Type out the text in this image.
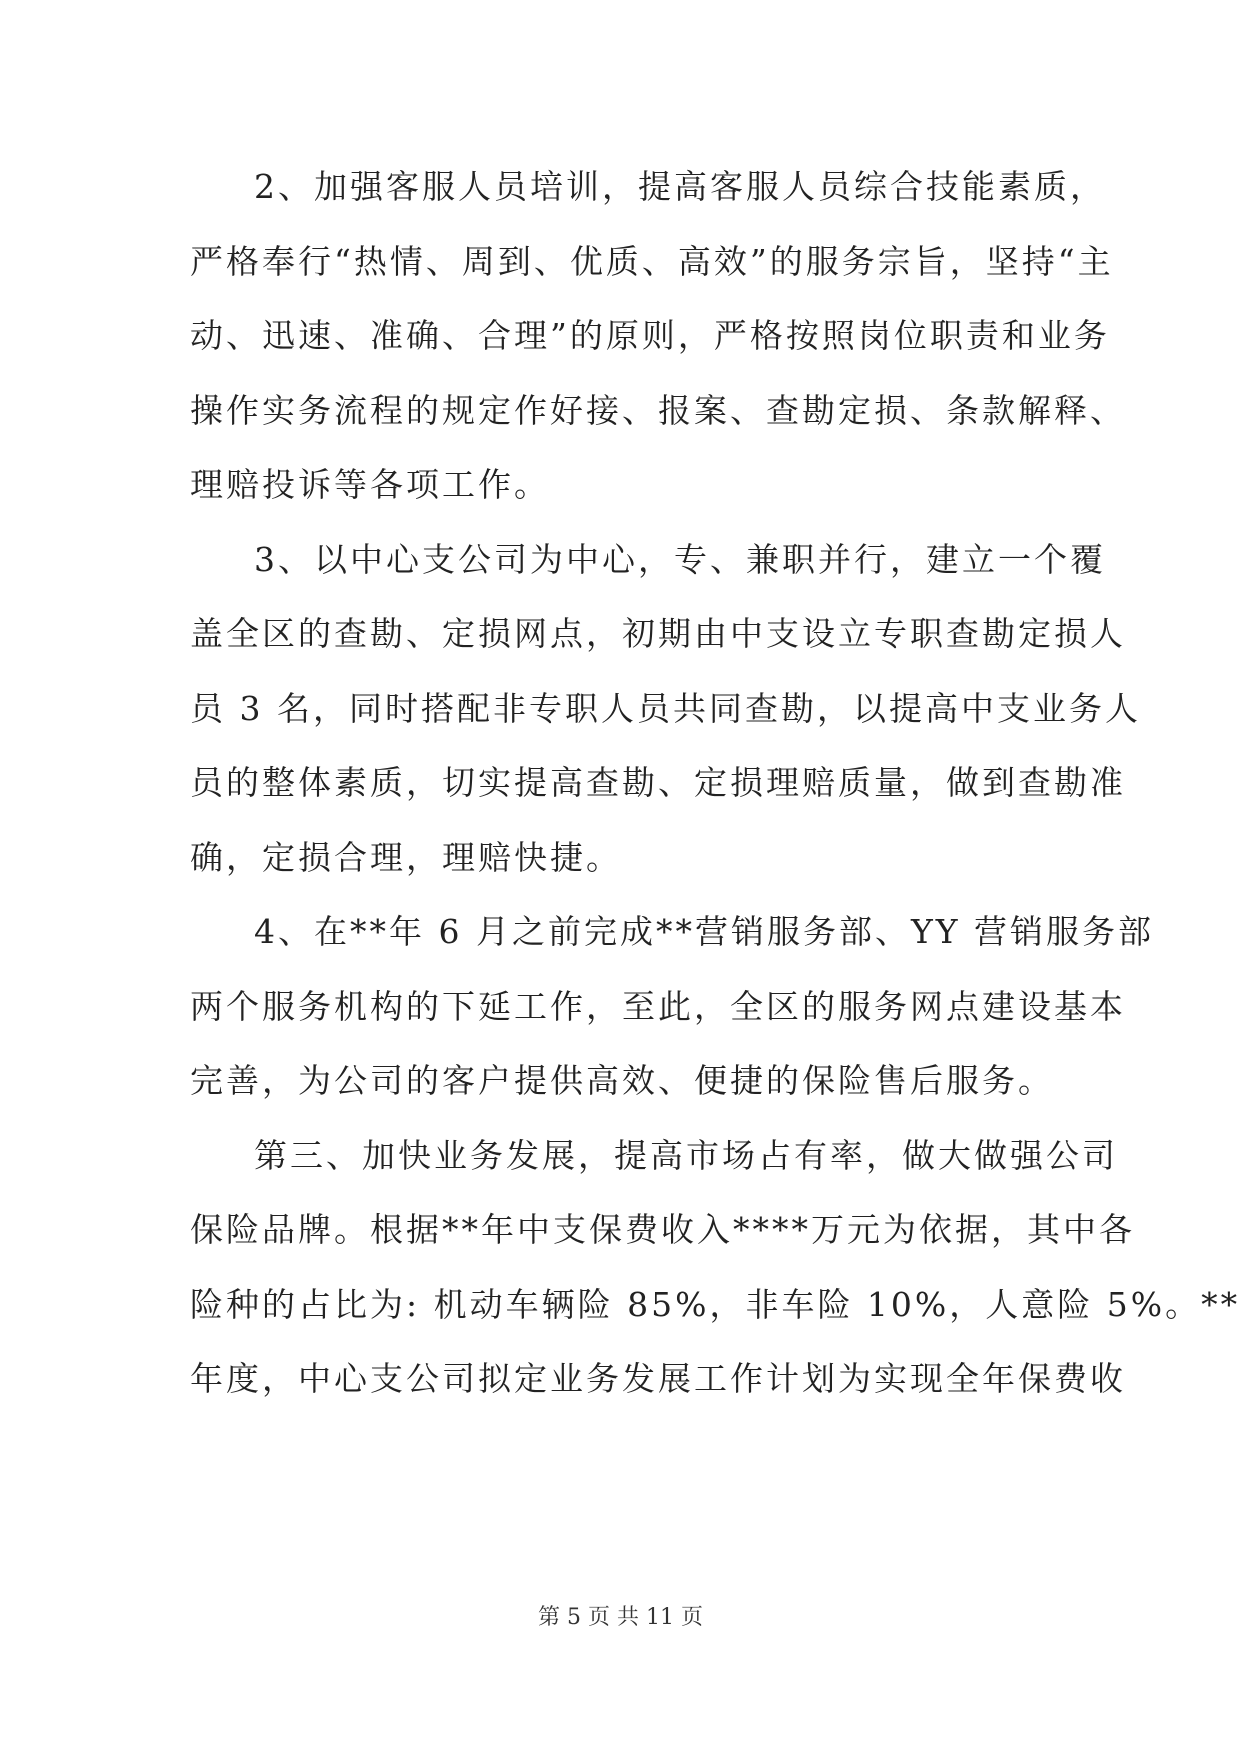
2、加强客服人员培训，提高客服人员综合技能素质，
严格奉行“热情、周到、优质、高效”的服务宗旨，坚持“主
动、迅速、准确、合理”的原则，严格按照岗位职责和业务
操作实务流程的规定作好接、报案、查勘定损、条款解释、
理赔投诉等各项工作。
3、以中心支公司为中心，专、兼职并行，建立一个覆
盖全区的查勘、定损网点，初期由中支设立专职查勘定损人
员 3 名，同时搭配非专职人员共同查勘，以提高中支业务人
员的整体素质，切实提高查勘、定损理赔质量，做到查勘准
确，定损合理，理赔快捷。
4、在**年 6 月之前完成**营销服务部、YY 营销服务部
两个服务机构的下延工作，至此，全区的服务网点建设基本
完善，为公司的客户提供高效、便捷的保险售后服务。
第三、加快业务发展，提高市场占有率，做大做强公司
保险品牌。根据**年中支保费收入****万元为依据，其中各
险种的占比为: 机动车辆险 85%，非车险 10%，人意险 5%。**
年度，中心支公司拟定业务发展工作计划为实现全年保费收
第 5 页 共 11 页
